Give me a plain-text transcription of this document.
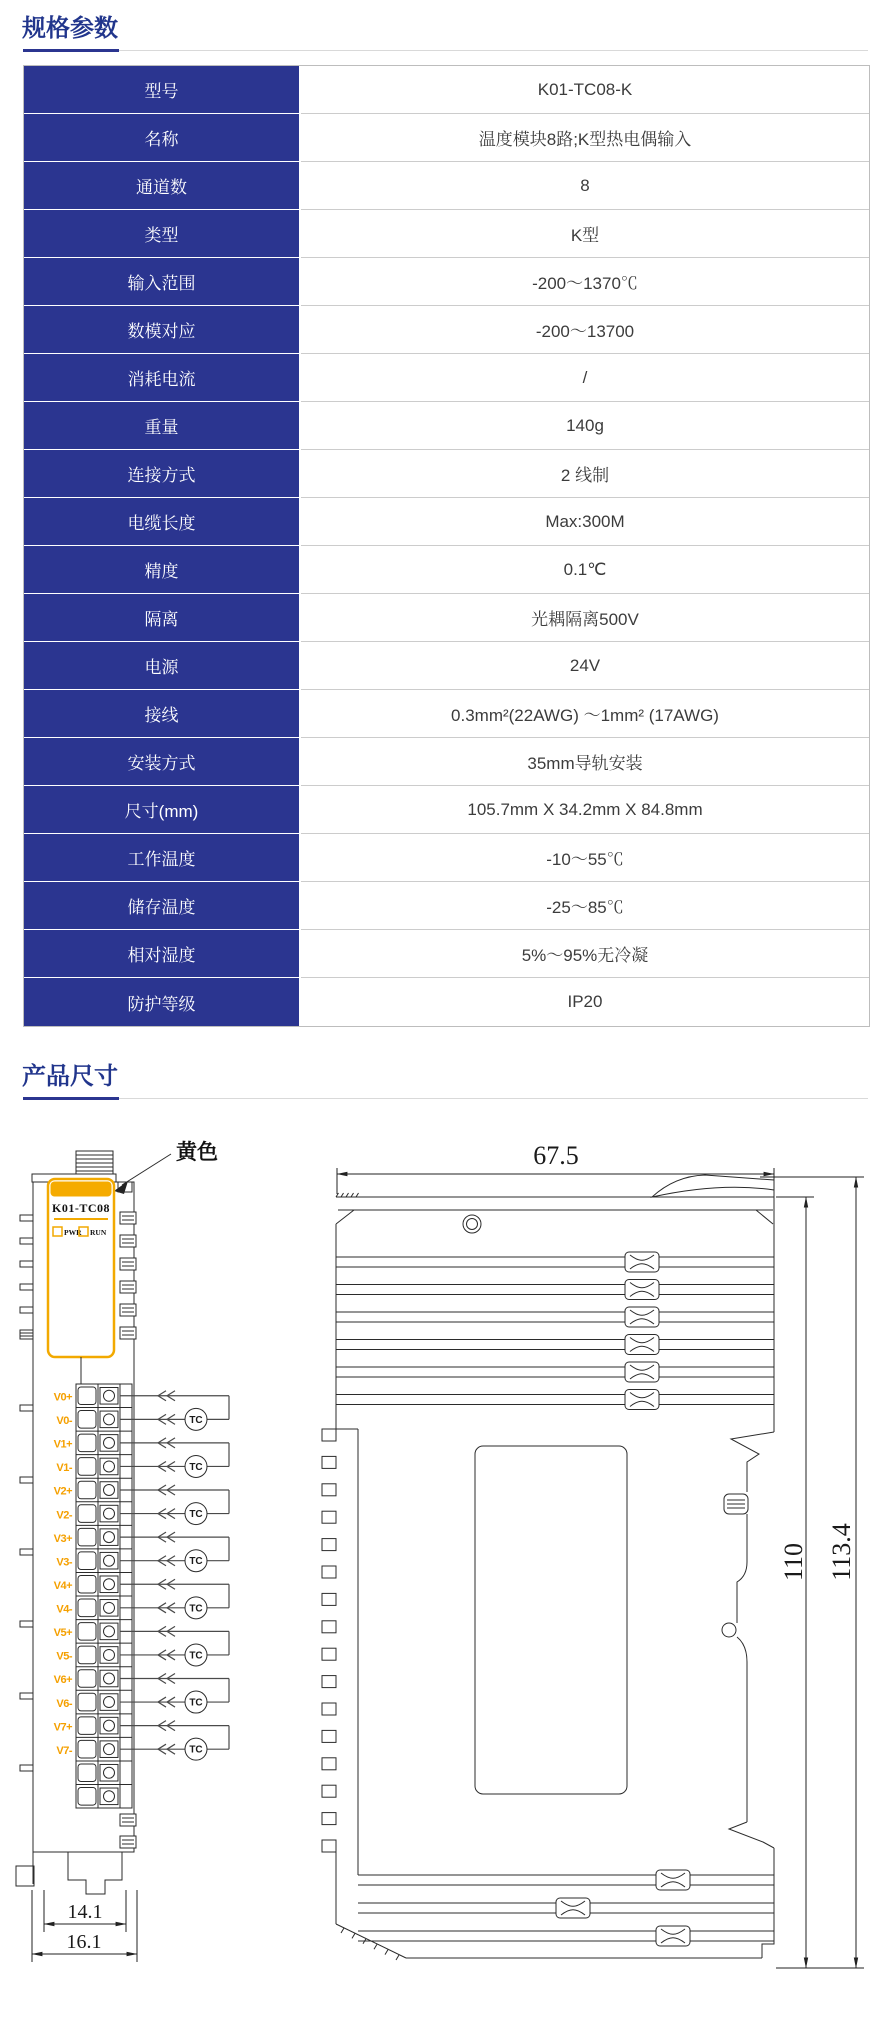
规格参数
型号	K01-TC08-K
名称	温度模块8路;K型热电偶输入
通道数	8
类型	K型
输入范围	-200～1370℃
数模对应	-200～13700
消耗电流	/
重量	140g
连接方式	2 线制
电缆长度	Max:300M
精度	0.1℃
隔离	光耦隔离500V
电源	24V
接线	0.3mm²(22AWG) ～1mm² (17AWG)
安装方式	35mm导轨安装
尺寸(mm)	105.7mm X 34.2mm X 84.8mm
工作温度	-10～55℃
储存温度	-25～85℃
相对湿度	5%～95%无冷凝
防护等级	IP20
产品尺寸
黄色
K01-TC08
PWR RUN
V0+
V0-
V1+
V1-
V2+
V2-
V3+
V3-
V4+
V4-
V5+
V5-
V6+
V6-
V7+
V7-
TC
TC
TC
TC
TC
TC
TC
TC
14.1
16.1
67.5
110 113.4
